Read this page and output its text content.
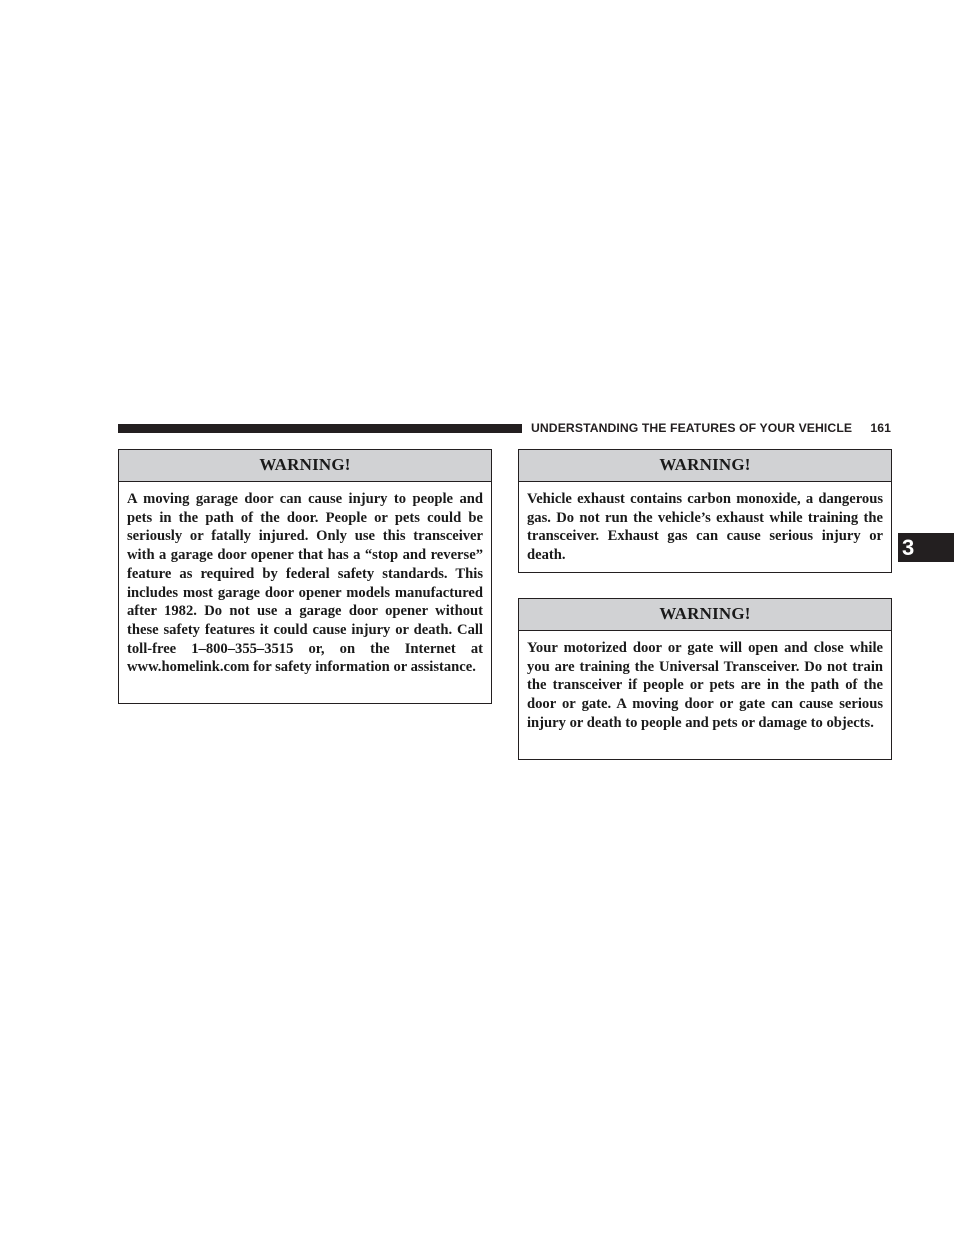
UNDERSTANDING THE FEATURES OF YOUR VEHICLE 161
3
WARNING!
A moving garage door can cause injury to people and pets in the path of the door. People or pets could be seriously or fatally injured. Only use this transceiver with a garage door opener that has a “stop and reverse” feature as required by federal safety standards. This includes most garage door opener models manufactured after 1982. Do not use a garage door opener without these safety features it could cause injury or death. Call toll-free 1–800–355–3515 or, on the Internet at www.homelink.com for safety information or assistance.
WARNING!
Vehicle exhaust contains carbon monoxide, a dangerous gas. Do not run the vehicle’s exhaust while training the transceiver. Exhaust gas can cause serious injury or death.
WARNING!
Your motorized door or gate will open and close while you are training the Universal Transceiver. Do not train the transceiver if people or pets are in the path of the door or gate. A moving door or gate can cause serious injury or death to people and pets or damage to objects.
